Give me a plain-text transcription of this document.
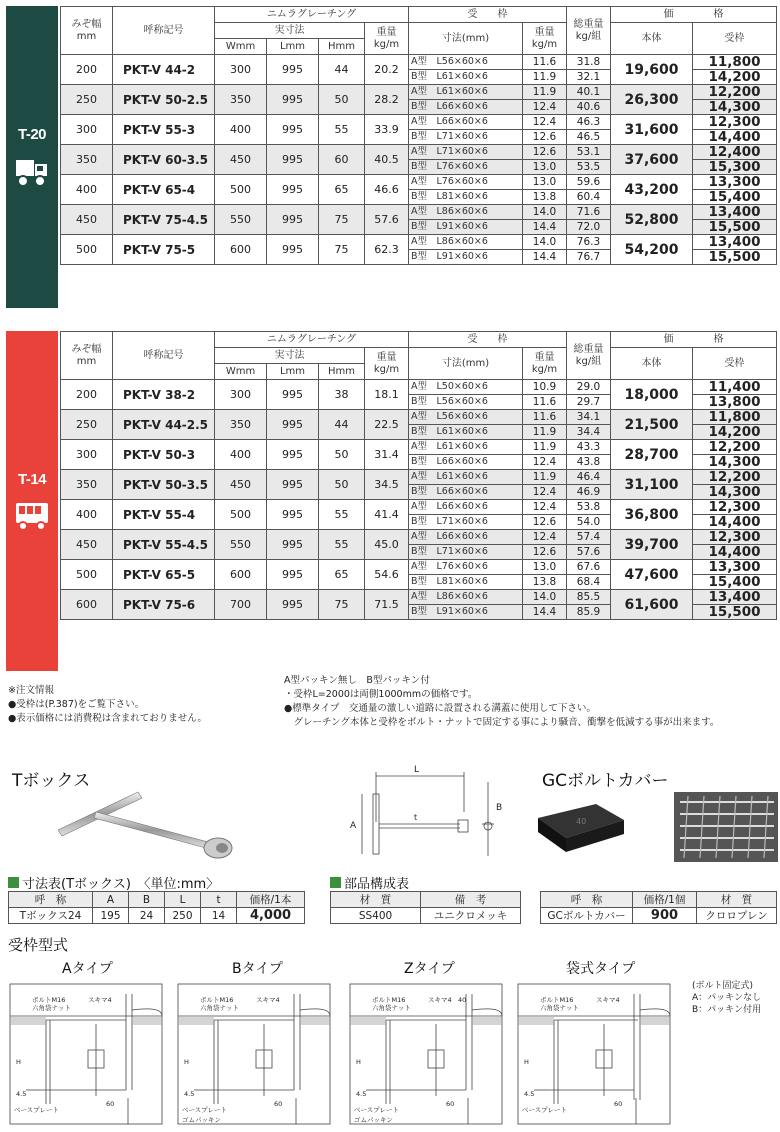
T-20
みぞ幅
mm	呼称記号	ニムラグレーチング				受　　枠		総重量
kg/組	価　　　　格	
		実寸法			重量
kg/m	寸法(mm)	重量
kg/m		本体	受枠
		Wmm	Lmm	Hmm						
200	PKT-V 44-2	300	995	44	20.2	A型　L56×60×6	11.6	31.8	19,600	11,800
						B型　L61×60×6	11.9	32.1		14,200
250	PKT-V 50-2.5	350	995	50	28.2	A型　L61×60×6	11.9	40.1	26,300	12,200
						B型　L66×60×6	12.4	40.6		14,300
300	PKT-V 55-3	400	995	55	33.9	A型　L66×60×6	12.4	46.3	31,600	12,300
						B型　L71×60×6	12.6	46.5		14,400
350	PKT-V 60-3.5	450	995	60	40.5	A型　L71×60×6	12.6	53.1	37,600	12,400
						B型　L76×60×6	13.0	53.5		15,300
400	PKT-V 65-4	500	995	65	46.6	A型　L76×60×6	13.0	59.6	43,200	13,300
						B型　L81×60×6	13.8	60.4		15,400
450	PKT-V 75-4.5	550	995	75	57.6	A型　L86×60×6	14.0	71.6	52,800	13,400
						B型　L91×60×6	14.4	72.0		15,500
500	PKT-V 75-5	600	995	75	62.3	A型　L86×60×6	14.0	76.3	54,200	13,400
						B型　L91×60×6	14.4	76.7		15,500
T-14
みぞ幅
mm	呼称記号	ニムラグレーチング				受　　枠		総重量
kg/組	価　　　　格	
		実寸法			重量
kg/m	寸法(mm)	重量
kg/m		本体	受枠
		Wmm	Lmm	Hmm						
200	PKT-V 38-2	300	995	38	18.1	A型　L50×60×6	10.9	29.0	18,000	11,400
						B型　L56×60×6	11.6	29.7		13,800
250	PKT-V 44-2.5	350	995	44	22.5	A型　L56×60×6	11.6	34.1	21,500	11,800
						B型　L61×60×6	11.9	34.4		14,200
300	PKT-V 50-3	400	995	50	31.4	A型　L61×60×6	11.9	43.3	28,700	12,200
						B型　L66×60×6	12.4	43.8		14,300
350	PKT-V 50-3.5	450	995	50	34.5	A型　L61×60×6	11.9	46.4	31,100	12,200
						B型　L66×60×6	12.4	46.9		14,300
400	PKT-V 55-4	500	995	55	41.4	A型　L66×60×6	12.4	53.8	36,800	12,300
						B型　L71×60×6	12.6	54.0		14,400
450	PKT-V 55-4.5	550	995	55	45.0	A型　L66×60×6	12.4	57.4	39,700	12,300
						B型　L71×60×6	12.6	57.6		14,400
500	PKT-V 65-5	600	995	65	54.6	A型　L76×60×6	13.0	67.6	47,600	13,300
						B型　L81×60×6	13.8	68.4		15,400
600	PKT-V 75-6	700	995	75	71.5	A型　L86×60×6	14.0	85.5	61,600	13,400
						B型　L91×60×6	14.4	85.9		15,500
※注文情報
●受枠は(P.387)をご覧下さい。
●表示価格には消費税は含まれておりません。
A型パッキン無し　B型パッキン付
・受枠L=2000は両側1000mmの価格です。
●標準タイプ　交通量の激しい道路に設置される溝蓋に使用して下さい。
　グレーチング本体と受枠をボルト・ナットで固定する事により騒音、衝撃を低減する事が出来ます。
Tボックス
L
A
B
t
GCボルトカバー
40
寸法表(Tボックス)　〈単位:mm〉
呼　称	A	B	L	t	価格/1本
Tボックス24	195	24	250	14	4,000
部品構成表
材　質	備　考
SS400	ユニクロメッキ
呼　称	価格/1個	材　質
GCボルトカバー	900	クロロプレン
受枠型式
Aタイプ	Bタイプ	Zタイプ	袋式タイプ
ボルトM16
六角袋ナット
スキマ4
H
4.5
60
ベースプレート
ボルトM16
六角袋ナット
スキマ4
H
4.5
60
ベースプレート
ゴムパッキン
ボルトM16
六角袋ナット
スキマ4 40
H
4.5
60
ベースプレート
ゴムパッキン
ボルトM16
六角袋ナット
スキマ4
H
4.5
60
ベースプレート
(ボルト固定式)
A：パッキンなし
B：パッキン付用
